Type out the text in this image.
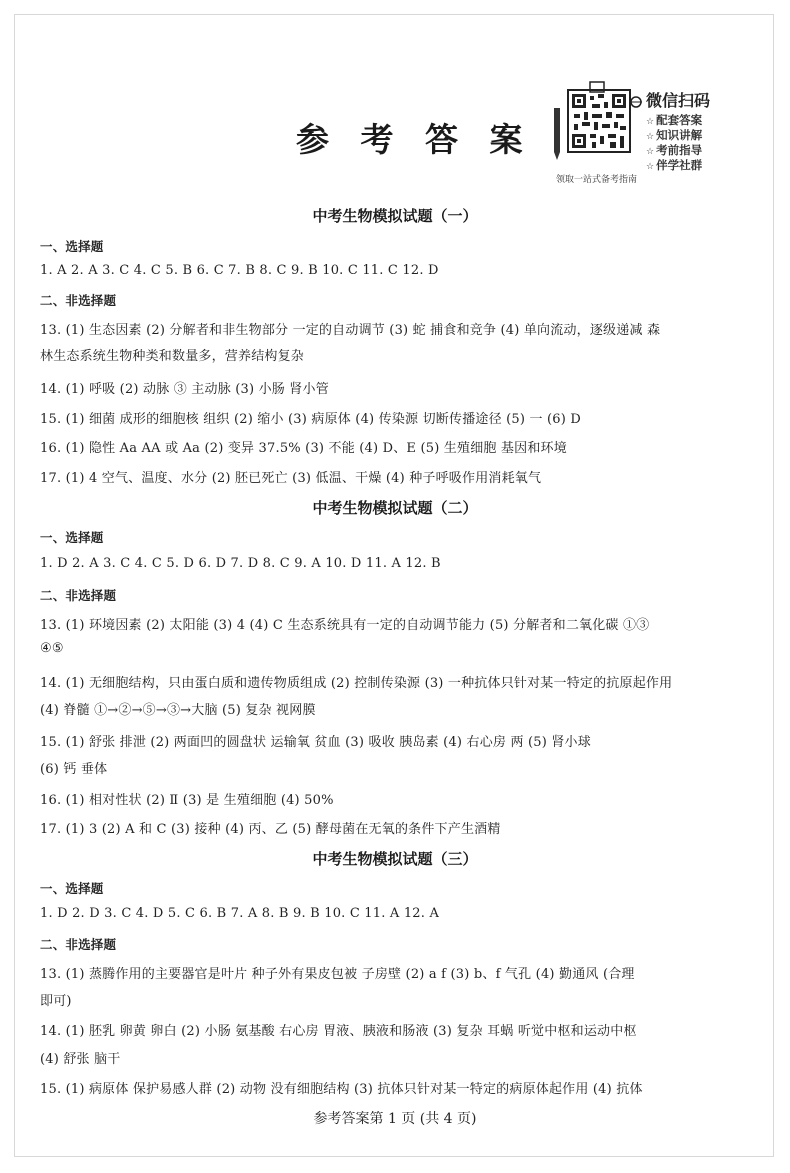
参 考 答 案
微信扫码
☆ 配套答案
☆ 知识讲解
☆ 考前指导
☆ 伴学社群
领取一站式备考指南
中考生物模拟试题（一）
一、选择题
1. A 2. A 3. C 4. C 5. B 6. C 7. B 8. C 9. B 10. C 11. C 12. D
二、非选择题
13. (1) 生态因素 (2) 分解者和非生物部分 一定的自动调节 (3) 蛇 捕食和竞争 (4) 单向流动，逐级递减 森
林生态系统生物种类和数量多，营养结构复杂
14. (1) 呼吸 (2) 动脉 ③ 主动脉 (3) 小肠 肾小管
15. (1) 细菌 成形的细胞核 组织 (2) 缩小 (3) 病原体 (4) 传染源 切断传播途径 (5) 一 (6) D
16. (1) 隐性 Aa AA 或 Aa (2) 变异 37.5% (3) 不能 (4) D、E (5) 生殖细胞 基因和环境
17. (1) 4 空气、温度、水分 (2) 胚已死亡 (3) 低温、干燥 (4) 种子呼吸作用消耗氧气
中考生物模拟试题（二）
一、选择题
1. D 2. A 3. C 4. C 5. D 6. D 7. D 8. C 9. A 10. D 11. A 12. B
二、非选择题
13. (1) 环境因素 (2) 太阳能 (3) 4 (4) C 生态系统具有一定的自动调节能力 (5) 分解者和二氧化碳 ①③
④⑤
14. (1) 无细胞结构，只由蛋白质和遗传物质组成 (2) 控制传染源 (3) 一种抗体只针对某一特定的抗原起作用
(4) 脊髓 ①→②→⑤→③→大脑 (5) 复杂 视网膜
15. (1) 舒张 排泄 (2) 两面凹的圆盘状 运输氧 贫血 (3) 吸收 胰岛素 (4) 右心房 两 (5) 肾小球
(6) 钙 垂体
16. (1) 相对性状 (2) Ⅱ (3) 是 生殖细胞 (4) 50%
17. (1) 3 (2) A 和 C (3) 接种 (4) 丙、乙 (5) 酵母菌在无氧的条件下产生酒精
中考生物模拟试题（三）
一、选择题
1. D 2. D 3. C 4. D 5. C 6. B 7. A 8. B 9. B 10. C 11. A 12. A
二、非选择题
13. (1) 蒸腾作用的主要器官是叶片 种子外有果皮包被 子房壁 (2) a f (3) b、f 气孔 (4) 勤通风 (合理
即可)
14. (1) 胚乳 卵黄 卵白 (2) 小肠 氨基酸 右心房 胃液、胰液和肠液 (3) 复杂 耳蜗 听觉中枢和运动中枢
(4) 舒张 脑干
15. (1) 病原体 保护易感人群 (2) 动物 没有细胞结构 (3) 抗体只针对某一特定的病原体起作用 (4) 抗体
参考答案第 1 页 (共 4 页)
